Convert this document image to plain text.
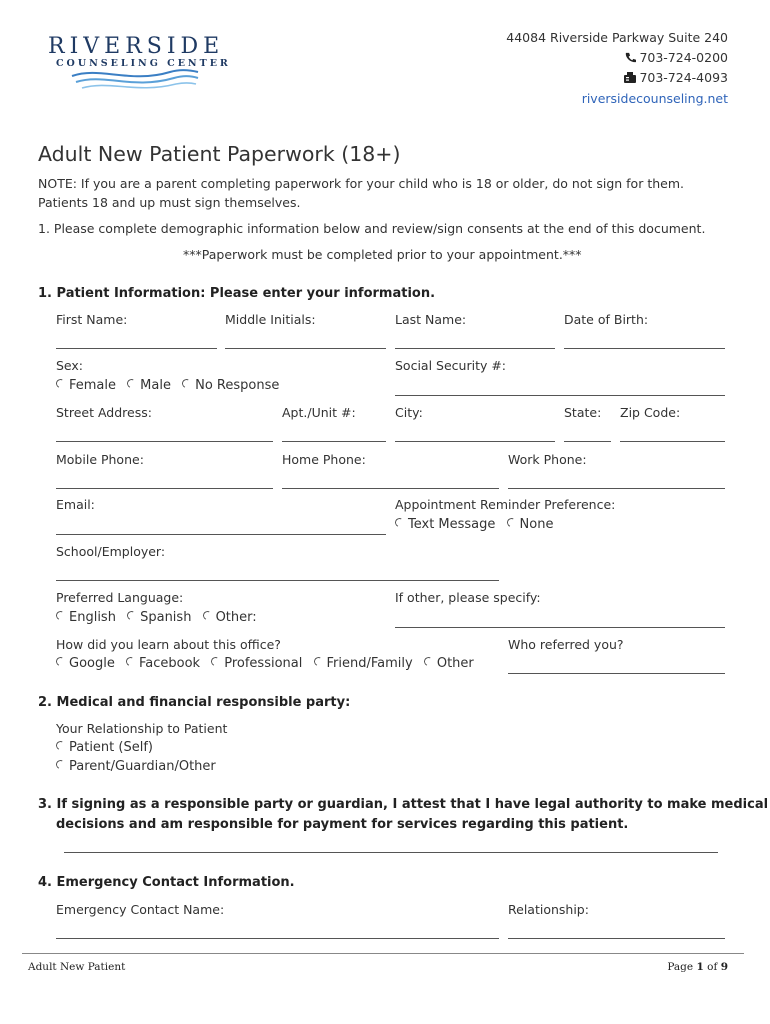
RIVERSIDE
COUNSELING CENTER
44084 Riverside Parkway Suite 240
703-724-0200
703-724-4093
riversidecounseling.net
Adult New Patient Paperwork (18+)
NOTE: If you are a parent completing paperwork for your child who is 18 or older, do not sign for them.
Patients 18 and up must sign themselves.
1. Please complete demographic information below and review/sign consents at the end of this document.
***Paperwork must be completed prior to your appointment.***
1. Patient Information: Please enter your information.
First Name:	Middle Initials:	Last Name:	Date of Birth:
Sex:
Female Male No Response
Social Security #:
Street Address:	Apt./Unit #:	City:	State: Zip Code:
Mobile Phone:	Home Phone:	Work Phone:
Email:	Appointment Reminder Preference:
Text Message None
School/Employer:
Preferred Language:
English Spanish Other:
If other, please specify:
How did you learn about this office?
Google Facebook Professional Friend/Family Other
Who referred you?
2. Medical and financial responsible party:
Your Relationship to Patient
Patient (Self)
Parent/Guardian/Other
3. If signing as a responsible party or guardian, I attest that I have legal authority to make medical
decisions and am responsible for payment for services regarding this patient.
4. Emergency Contact Information.
Emergency Contact Name:	Relationship:
Adult New Patient	Page 1 of 9
